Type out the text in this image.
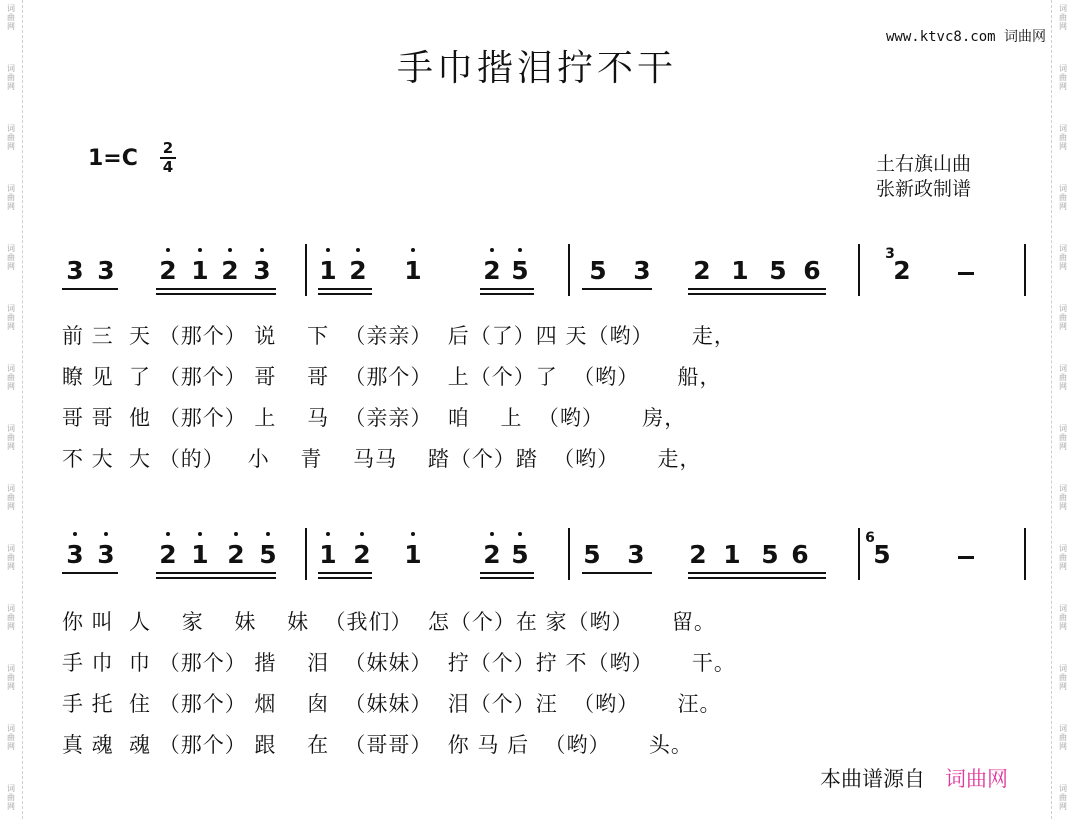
词
曲
网
词
曲
网
词
曲
网
词
曲
网
词
曲
网
词
曲
网
词
曲
网
词
曲
网
词
曲
网
词
曲
网
词
曲
网
词
曲
网
词
曲
网
词
曲
网
词
曲
网
词
曲
网
词
曲
网
词
曲
网
词
曲
网
词
曲
网
词
曲
网
词
曲
网
词
曲
网
词
曲
网
词
曲
网
词
曲
网
词
曲
网
词
曲
网
手巾揩泪拧不干
www.ktvc8.com 词曲网
1=C 2
4	土右旗山曲
张新政制谱
3 3 2 1 2 3 1 2 1 2 5 5 3 2 1 5 6	2
3
3 3 2 1 2 5 1 2 1 2 5 5 3 2 1 5 6	5
6
前 三  天 （那个） 说    下  （亲亲）  后（了）四 天（哟）     走，
瞭 见  了 （那个） 哥    哥  （那个）  上（个）了  （哟）     船，
哥 哥  他 （那个） 上    马  （亲亲）  咱    上  （哟）     房，
不 大  大 （的）   小    青    马马    踏（个）踏  （哟）     走，
你 叫  人    家    妹    妹  （我们）  怎（个）在 家（哟）     留。
手 巾  巾 （那个） 揩    泪  （妹妹）  拧（个）拧 不（哟）     干。
手 托  住 （那个） 烟    囱  （妹妹）  泪（个）汪  （哟）     汪。
真 魂  魂 （那个） 跟    在  （哥哥）  你 马 后  （哟）     头。
本曲谱源自 词曲网
